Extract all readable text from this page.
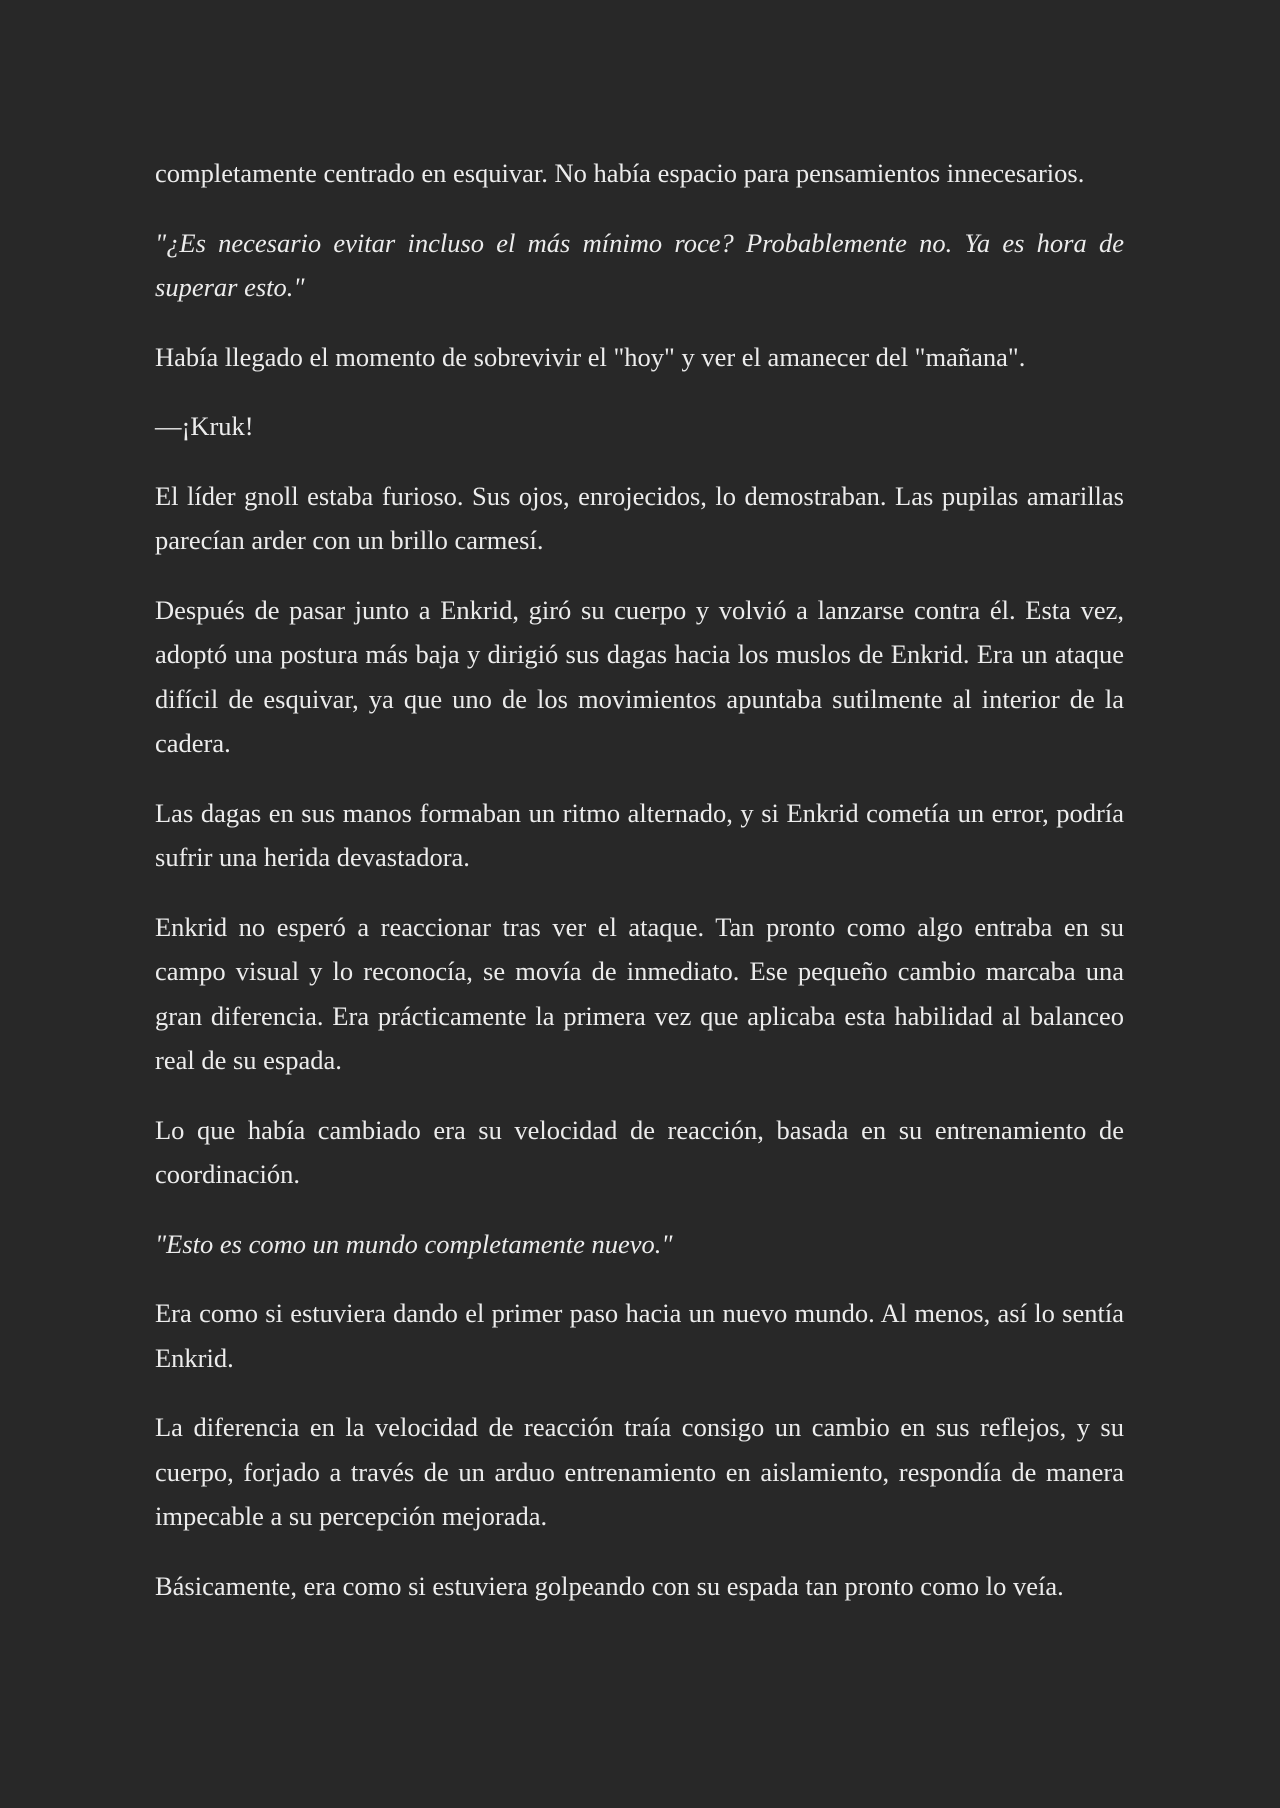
completamente centrado en esquivar. No había espacio para pensamientos innecesarios.

"¿Es necesario evitar incluso el más mínimo roce? Probablemente no. Ya es hora de superar esto."

Había llegado el momento de sobrevivir el "hoy" y ver el amanecer del "mañana".

—¡Kruk!

El líder gnoll estaba furioso. Sus ojos, enrojecidos, lo demostraban. Las pupilas amarillas parecían arder con un brillo carmesí.

Después de pasar junto a Enkrid, giró su cuerpo y volvió a lanzarse contra él. Esta vez, adoptó una postura más baja y dirigió sus dagas hacia los muslos de Enkrid. Era un ataque difícil de esquivar, ya que uno de los movimientos apuntaba sutilmente al interior de la cadera.

Las dagas en sus manos formaban un ritmo alternado, y si Enkrid cometía un error, podría sufrir una herida devastadora.

Enkrid no esperó a reaccionar tras ver el ataque. Tan pronto como algo entraba en su campo visual y lo reconocía, se movía de inmediato. Ese pequeño cambio marcaba una gran diferencia. Era prácticamente la primera vez que aplicaba esta habilidad al balanceo real de su espada.

Lo que había cambiado era su velocidad de reacción, basada en su entrenamiento de coordinación.

"Esto es como un mundo completamente nuevo."

Era como si estuviera dando el primer paso hacia un nuevo mundo. Al menos, así lo sentía Enkrid.

La diferencia en la velocidad de reacción traía consigo un cambio en sus reflejos, y su cuerpo, forjado a través de un arduo entrenamiento en aislamiento, respondía de manera impecable a su percepción mejorada.

Básicamente, era como si estuviera golpeando con su espada tan pronto como lo veía.
